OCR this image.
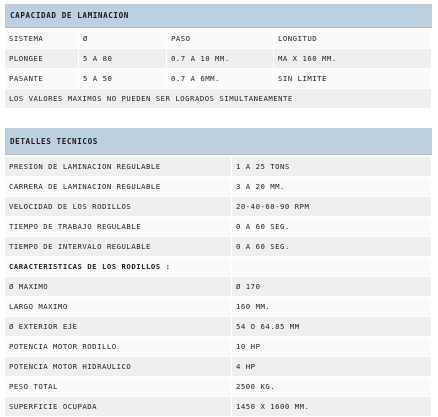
CAPACIDAD DE LAMINACION
SISTEMA	Ø	PASO	LONGITUD
PLONGEE	5 A 80	0.7 A 10 MM.	MA X 160 MM.
PASANTE	5 A 50	0.7 A 6MM.	SIN LIMITE
LOS VALORES MAXIMOS NO PUEDEN SER LOGRADOS SIMULTANEAMENTE			
DETALLES TECNICOS
PRESION DE LAMINACION REGULABLE	1 A 25 TONS
CARRERA DE LAMINACION REGULABLE	3 A 20 MM.
VELOCIDAD DE LOS RODILLOS	20-40-60-90 RPM
TIEMPO DE TRABAJO REGULABLE	0 A 60 SEG.
TIEMPO DE INTERVALO REGULABLE	0 A 60 SEG.
CARACTERISTICAS DE LOS RODILLOS :	
Ø MAXIMO	Ø 170
LARGO MAXIMO	160 MM.
Ø EXTERIOR EJE	54 O 64.85 MM
POTENCIA MOTOR RODILLO	10 HP
POTENCIA MOTOR HIDRAULICO	4 HP
PESO TOTAL	2500 KG.
SUPERFICIE OCUPADA	1450 X 1600 MM.
